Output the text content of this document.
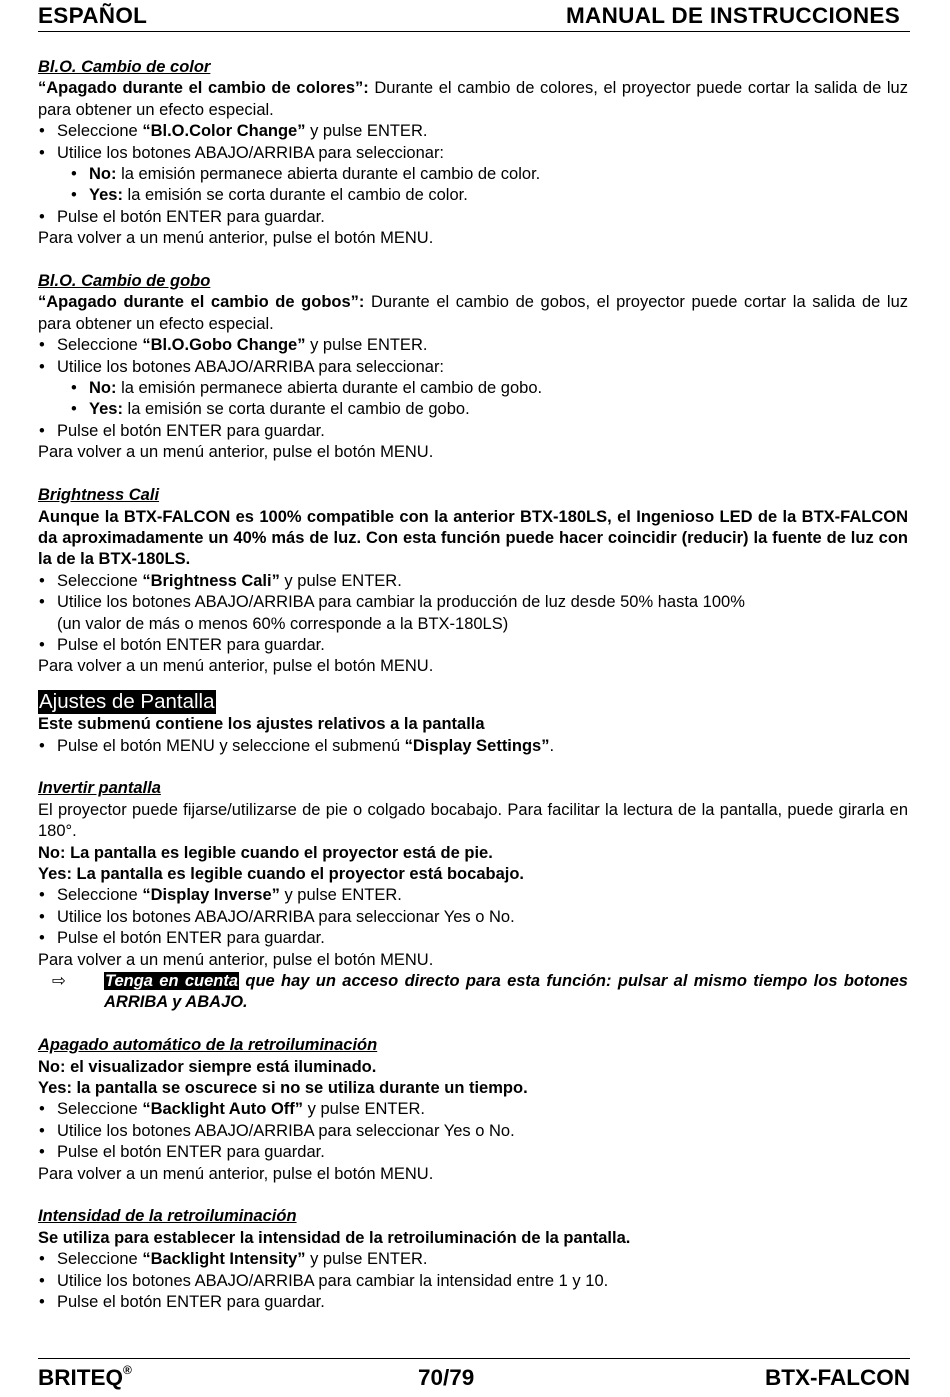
ESPAÑOL	MANUAL DE INSTRUCCIONES

Bl.O. Cambio de color

“Apagado durante el cambio de colores”: Durante el cambio de colores, el proyector puede cortar la salida de luz para obtener un efecto especial.

• Seleccione “Bl.O.Color Change” y pulse ENTER.
• Utilice los botones ABAJO/ARRIBA para seleccionar:
• No: la emisión permanece abierta durante el cambio de color.
• Yes: la emisión se corta durante el cambio de color.
• Pulse el botón ENTER para guardar.

Para volver a un menú anterior, pulse el botón MENU.

Bl.O. Cambio de gobo

“Apagado durante el cambio de gobos”: Durante el cambio de gobos, el proyector puede cortar la salida de luz para obtener un efecto especial.

• Seleccione “Bl.O.Gobo Change” y pulse ENTER.
• Utilice los botones ABAJO/ARRIBA para seleccionar:
• No: la emisión permanece abierta durante el cambio de gobo.
• Yes: la emisión se corta durante el cambio de gobo.
• Pulse el botón ENTER para guardar.

Para volver a un menú anterior, pulse el botón MENU.

Brightness Cali

Aunque la BTX-FALCON es 100% compatible con la anterior BTX-180LS, el Ingenioso LED de la BTX-FALCON da aproximadamente un 40% más de luz. Con esta función puede hacer coincidir (reducir) la fuente de luz con la de la BTX-180LS.

• Seleccione “Brightness Cali” y pulse ENTER.
• Utilice los botones ABAJO/ARRIBA para cambiar la producción de luz desde 50% hasta 100%
(un valor de más o menos 60% corresponde a la BTX-180LS)
• Pulse el botón ENTER para guardar.

Para volver a un menú anterior, pulse el botón MENU.

Ajustes de Pantalla

Este submenú contiene los ajustes relativos a la pantalla

• Pulse el botón MENU y seleccione el submenú “Display Settings”.

Invertir pantalla

El proyector puede fijarse/utilizarse de pie o colgado bocabajo. Para facilitar la lectura de la pantalla, puede girarla en 180°.

No: La pantalla es legible cuando el proyector está de pie.

Yes: La pantalla es legible cuando el proyector está bocabajo.

• Seleccione “Display Inverse” y pulse ENTER.
• Utilice los botones ABAJO/ARRIBA para seleccionar Yes o No.
• Pulse el botón ENTER para guardar.

Para volver a un menú anterior, pulse el botón MENU.

⇨ Tenga en cuenta que hay un acceso directo para esta función: pulsar al mismo tiempo los botones ARRIBA y ABAJO.

Apagado automático de la retroiluminación

No: el visualizador siempre está iluminado.

Yes: la pantalla se oscurece si no se utiliza durante un tiempo.

• Seleccione “Backlight Auto Off” y pulse ENTER.
• Utilice los botones ABAJO/ARRIBA para seleccionar Yes o No.
• Pulse el botón ENTER para guardar.

Para volver a un menú anterior, pulse el botón MENU.

Intensidad de la retroiluminación

Se utiliza para establecer la intensidad de la retroiluminación de la pantalla.

• Seleccione “Backlight Intensity” y pulse ENTER.
• Utilice los botones ABAJO/ARRIBA para cambiar la intensidad entre 1 y 10.
• Pulse el botón ENTER para guardar.
BRITEQ®	70/79	BTX-FALCON
